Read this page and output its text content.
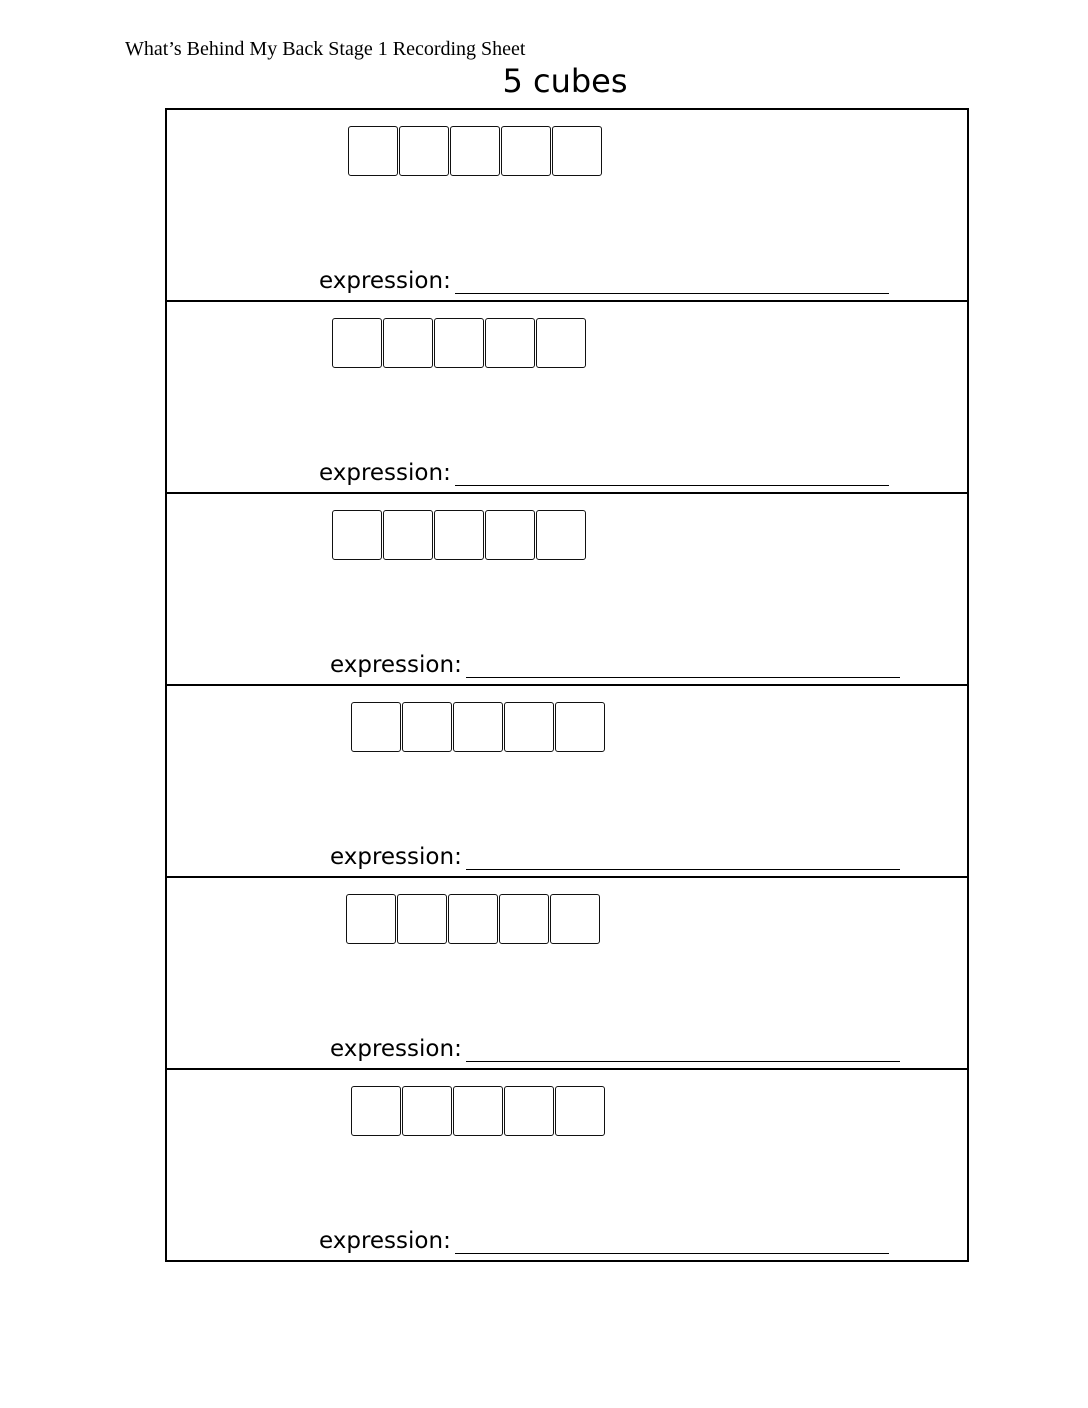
What’s Behind My Back Stage 1 Recording Sheet
5 cubes
expression:
expression:
expression:
expression:
expression:
expression:
